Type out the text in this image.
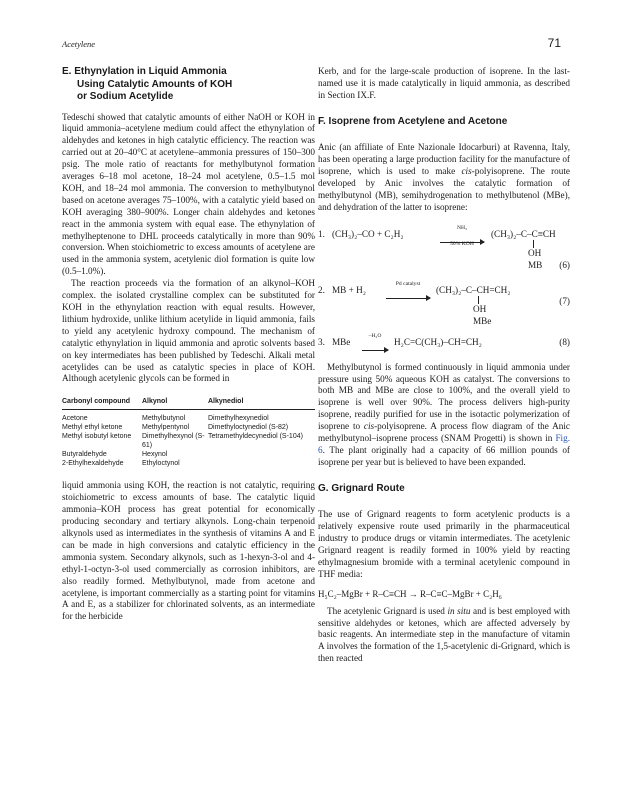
Acetylene	71
E. Ethynylation in Liquid Ammonia
Using Catalytic Amounts of KOH
or Sodium Acetylide

Tedeschi showed that catalytic amounts of either NaOH or KOH in liquid ammonia–acetylene medium could affect the ethynylation of aldehydes and ketones in high catalytic efficiency. The reaction was carried out at 20–40°C at acetylene–ammonia pressures of 150–300 psig. The mole ratio of reactants for methylbutynol formation averages 6–18 mol acetone, 18–24 mol acetylene, 0.5–1.5 mol KOH, and 18–24 mol ammonia. The conversion to methylbutynol based on acetone averages 75–100%, with a catalytic yield based on KOH averaging 380–900%. Longer chain aldehydes and ketones react in the ammonia system with equal ease. The ethynylation of methylheptenone to DHL proceeds catalytically in more than 90% conversion. When stoichiometric to excess amounts of acetylene are used in the ammonia system, acetylenic diol formation is quite low (0.5–1.0%).

The reaction proceeds via the formation of an alkynol–KOH complex. the isolated crystalline complex can be substituted for KOH in the ethynylation reaction with equal results. However, lithium hydroxide, unlike lithium acetylide in liquid ammonia, fails to yield any acetylenic hydroxy compound. The mechanism of catalytic ethynylation in liquid ammonia and aprotic solvents based on key intermediates has been published by Tedeschi. Alkali metal acetylides can be used as catalytic species in place of KOH. Although acetylenic glycols can be formed in

Carbonyl compound	Alkynol	Alkynediol
Acetone	Methylbutynol	Dimethylhexynediol
Methyl ethyl ketone	Methylpentynol	Dimethyloctynediol (S-82)
Methyl isobutyl ketone	Dimethylhexynol (S-61)	Tetramethyldecynediol (S-104)
Butyraldehyde	Hexynol	
2-Ethylhexaldehyde	Ethyloctynol	

liquid ammonia using KOH, the reaction is not catalytic, requiring stoichiometric to excess amounts of base. The catalytic liquid ammonia–KOH process has great potential for economically producing secondary and tertiary alkynols. Long-chain terpenoid alkynols used as intermediates in the synthesis of vitamins A and E can be made in high conversions and catalytic efficiency in the ammonia system. Secondary alkynols, such as 1-hexyn-3-ol and 4-ethyl-1-octyn-3-ol used commercially as corrosion inhibitors, are also readily formed. Methylbutynol, made from acetone and acetylene, is important commercially as a starting point for vitamins A and E, as a stabilizer for chlorinated solvents, as an intermediate for the herbicide

Kerb, and for the large-scale production of isoprene. In the last-named use it is made catalytically in liquid ammonia, as described in Section IX.F.

F. Isoprene from Acetylene and Acetone

Anic (an affiliate of Ente Nazionale Idocarburi) at Ravenna, Italy, has been operating a large production facility for the manufacture of isoprene, which is used to make cis-polyisoprene. The route developed by Anic involves the catalytic formation of methylbutynol (MB), semihydrogenation to methylbutenol (MBe), and dehydration of the latter to isoprene:

1. (CH₃)₂–CO + C₂H₂
NH₃
50% KOH
(CH₃)₂–C–C≡CH
OH
MB (6)
2. MB + H₂
Pd catalyst
(CH₃)₂–C–CH=CH₂
OH
MBe
(7)
3. MBe
–H₂O
H₂C=C(CH₃)–CH=CH₂	(8)

Methylbutynol is formed continuously in liquid ammonia under pressure using 50% aqueous KOH as catalyst. The conversions to both MB and MBe are close to 100%, and the overall yield to isoprene is well over 90%. The process delivers high-purity isoprene, readily purified for use in the isotactic polymerization of isoprene to cis-polyisoprene. A process flow diagram of the Anic methylbutynol–isoprene process (SNAM Progetti) is shown in Fig. 6. The plant originally had a capacity of 66 million pounds of isoprene per year but is believed to have been expanded.

G. Grignard Route

The use of Grignard reagents to form acetylenic products is a relatively expensive route used primarily in the pharmaceutical industry to produce drugs or vitamin intermediates. The acetylenic Grignard reagent is readily formed in 100% yield by reacting ethylmagnesium bromide with a terminal acetylenic compound in THF media:

H₅C₂–MgBr + R–C≡CH → R–C≡C–MgBr + C₂H₆

The acetylenic Grignard is used in situ and is best employed with sensitive aldehydes or ketones, which are affected adversely by basic reagents. An intermediate step in the manufacture of vitamin A involves the formation of the 1,5-acetylenic di-Grignard, which is then reacted
